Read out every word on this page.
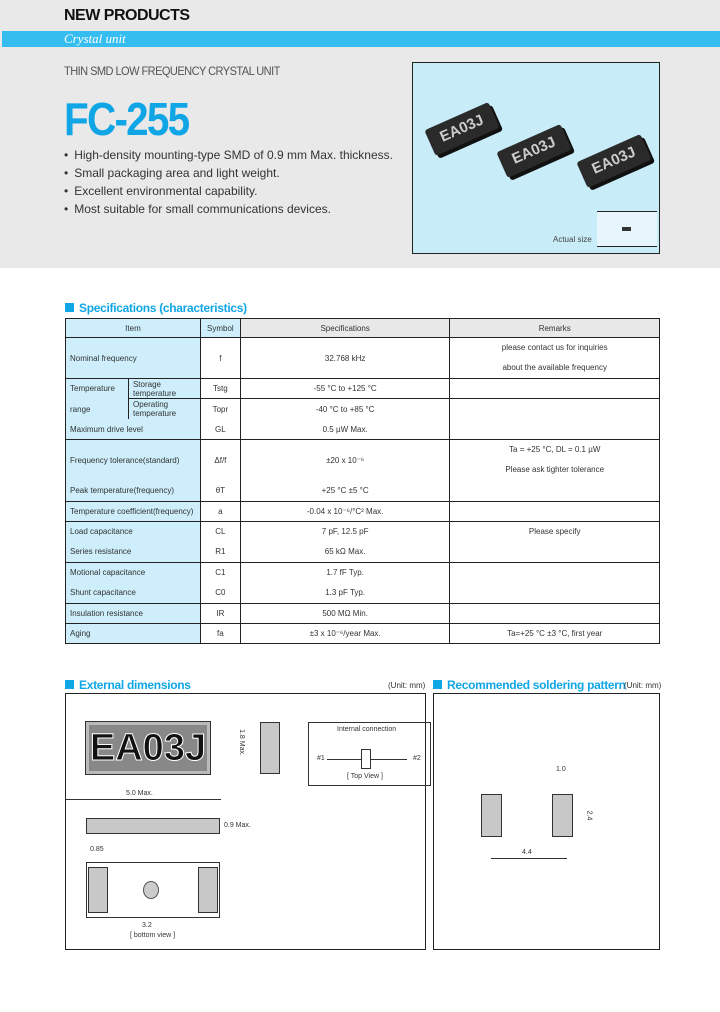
NEW PRODUCTS
Crystal unit
THIN SMD LOW FREQUENCY CRYSTAL UNIT
FC-255
• High-density mounting-type SMD of 0.9 mm Max. thickness.
• Small packaging area and light weight.
• Excellent environmental capability.
• Most suitable for small communications devices.
EA03J
EA03J	EA03J
Actual size
Specifications (characteristics)
Item		Symbol	Specifications	Remarks
Nominal frequency		f	32.768 kHz	please contact us for inquiries
about the available frequency

Temperature	Storage temperature	Tstg	-55 °C to +125 °C	
range	Operating temperature	Topr	-40 °C to +85 °C	
Maximum drive level		GL	0.5 µW Max.	
Frequency tolerance(standard)		Δf/f	±20 x 10⁻⁶	Ta = +25 °C, DL = 0.1 µW
Please ask tighter tolerance

Peak temperature(frequency)		θT	+25 °C ±5 °C	
Temperature coefficient(frequency)		a	-0.04 x 10⁻⁶/°C² Max.	
Load capacitance		CL	7 pF, 12.5 pF	Please specify
Series resistance		R1	65 kΩ Max.	
Motional capacitance		C1	1.7 fF Typ.	
Shunt capacitance		C0	1.3 pF Typ.	
Insulation resistance		IR	500 MΩ Min.	
Aging		fa	±3 x 10⁻⁶/year Max.	Ta=+25 °C ±3 °C, first year
External dimensions	(Unit: mm)
EA03J	1.8 Max.
5.0 Max.
Internal connection
#1	#2
[ Top View ]
0.9 Max.
0.85
3.2
[ bottom view ]
Recommended soldering pattern
(Unit: mm)
1.0
2.4
4.4
